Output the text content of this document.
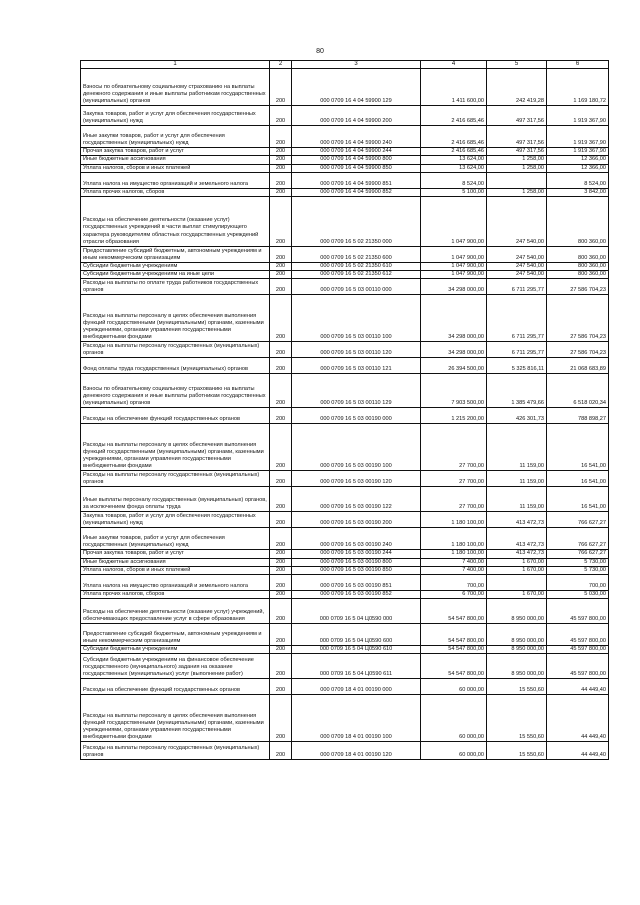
80
1	2	3	4	5	6
Взносы по обязательному социальному страхованию на выплаты денежного содержания и иные выплаты работникам государственных (муниципальных) органов	200	000 0709 16 4 04 59900 129	1 411 600,00	242 419,28	1 169 180,72
Закупка товаров, работ и услуг для обеспечения государственных (муниципальных) нужд	200	000 0709 16 4 04 59900 200	2 416 685,46	497 317,56	1 919 367,90
Иные закупки товаров, работ и услуг для обеспечения государственных (муниципальных) нужд	200	000 0709 16 4 04 59900 240	2 416 685,46	497 317,56	1 919 367,90
Прочая закупка товаров, работ и услуг	200	000 0709 16 4 04 59900 244	2 416 685,46	497 317,56	1 919 367,90
Иные бюджетные ассигнования	200	000 0709 16 4 04 59900 800	13 624,00	1 258,00	12 366,00
Уплата налогов, сборов и иных платежей	200	000 0709 16 4 04 59900 850	13 624,00	1 258,00	12 366,00
Уплата налога на имущество организаций и земельного налога	200	000 0709 16 4 04 59900 851	8 524,00		8 524,00
Уплата прочих налогов, сборов	200	000 0709 16 4 04 59900 852	5 100,00	1 258,00	3 842,00
Расходы на обеспечение деятельности (оказание услуг) государственных учреждений в части выплат стимулирующего характера руководителям областных государственных учреждений отрасли образования	200	000 0709 16 5 02 21350 000	1 047 900,00	247 540,00	800 360,00
Предоставление субсидий бюджетным, автономным учреждениям и иным некоммерческим организациям	200	000 0709 16 5 02 21350 600	1 047 900,00	247 540,00	800 360,00
Субсидии бюджетным учреждениям	200	000 0709 16 5 02 21350 610	1 047 900,00	247 540,00	800 360,00
Субсидии бюджетным учреждениям на иные цели	200	000 0709 16 5 02 21350 612	1 047 900,00	247 540,00	800 360,00
Расходы на выплаты по оплате труда работников государственных органов	200	000 0709 16 5 03 00110 000	34 298 000,00	6 711 295,77	27 586 704,23
Расходы на выплаты персоналу в целях обеспечения выполнения функций государственными (муниципальными) органами, казенными учреждениями, органами управления государственными внебюджетными фондами	200	000 0709 16 5 03 00110 100	34 298 000,00	6 711 295,77	27 586 704,23
Расходы на выплаты персоналу государственных (муниципальных) органов	200	000 0709 16 5 03 00110 120	34 298 000,00	6 711 295,77	27 586 704,23
Фонд оплаты труда государственных (муниципальных) органов	200	000 0709 16 5 03 00110 121	26 394 500,00	5 325 816,11	21 068 683,89
Взносы по обязательному социальному страхованию на выплаты денежного содержания и иные выплаты работникам государственных (муниципальных) органов	200	000 0709 16 5 03 00110 129	7 903 500,00	1 385 479,66	6 518 020,34
Расходы на обеспечение функций государственных органов	200	000 0709 16 5 03 00190 000	1 215 200,00	426 301,73	788 898,27
Расходы на выплаты персоналу в целях обеспечения выполнения функций государственными (муниципальными) органами, казенными учреждениями, органами управления государственными внебюджетными фондами	200	000 0709 16 5 03 00190 100	27 700,00	11 159,00	16 541,00
Расходы на выплаты персоналу государственных (муниципальных) органов	200	000 0709 16 5 03 00190 120	27 700,00	11 159,00	16 541,00
Иные выплаты персоналу государственных (муниципальных) органов, за исключением фонда оплаты труда	200	000 0709 16 5 03 00190 122	27 700,00	11 159,00	16 541,00
Закупка товаров, работ и услуг для обеспечения государственных (муниципальных) нужд	200	000 0709 16 5 03 00190 200	1 180 100,00	413 472,73	766 627,27
Иные закупки товаров, работ и услуг для обеспечения государственных (муниципальных) нужд	200	000 0709 16 5 03 00190 240	1 180 100,00	413 472,73	766 627,27
Прочая закупка товаров, работ и услуг	200	000 0709 16 5 03 00190 244	1 180 100,00	413 472,73	766 627,27
Иные бюджетные ассигнования	200	000 0709 16 5 03 00190 800	7 400,00	1 670,00	5 730,00
Уплата налогов, сборов и иных платежей	200	000 0709 16 5 03 00190 850	7 400,00	1 670,00	5 730,00
Уплата налога на имущество организаций и земельного налога	200	000 0709 16 5 03 00190 851	700,00		700,00
Уплата прочих налогов, сборов	200	000 0709 16 5 03 00190 852	6 700,00	1 670,00	5 030,00
Расходы на обеспечение деятельности (оказание услуг) учреждений, обеспечивающих предоставление услуг в сфере образования	200	000 0709 16 5 04 Ц0590 000	54 547 800,00	8 950 000,00	45 597 800,00
Предоставление субсидий бюджетным, автономным учреждениям и иным некоммерческим организациям	200	000 0709 16 5 04 Ц0590 600	54 547 800,00	8 950 000,00	45 597 800,00
Субсидии бюджетным учреждениям	200	000 0709 16 5 04 Ц0590 610	54 547 800,00	8 950 000,00	45 597 800,00
Субсидии бюджетным учреждениям на финансовое обеспечение государственного (муниципального) задания на оказание государственных (муниципальных) услуг (выполнение работ)	200	000 0709 16 5 04 Ц0590 611	54 547 800,00	8 950 000,00	45 597 800,00
Расходы на обеспечение функций государственных органов	200	000 0709 18 4 01 00190 000	60 000,00	15 550,60	44 449,40
Расходы на выплаты персоналу в целях обеспечения выполнения функций государственными (муниципальными) органами, казенными учреждениями, органами управления государственными внебюджетными фондами	200	000 0709 18 4 01 00190 100	60 000,00	15 550,60	44 449,40
Расходы на выплаты персоналу государственных (муниципальных) органов	200	000 0709 18 4 01 00190 120	60 000,00	15 550,60	44 449,40
